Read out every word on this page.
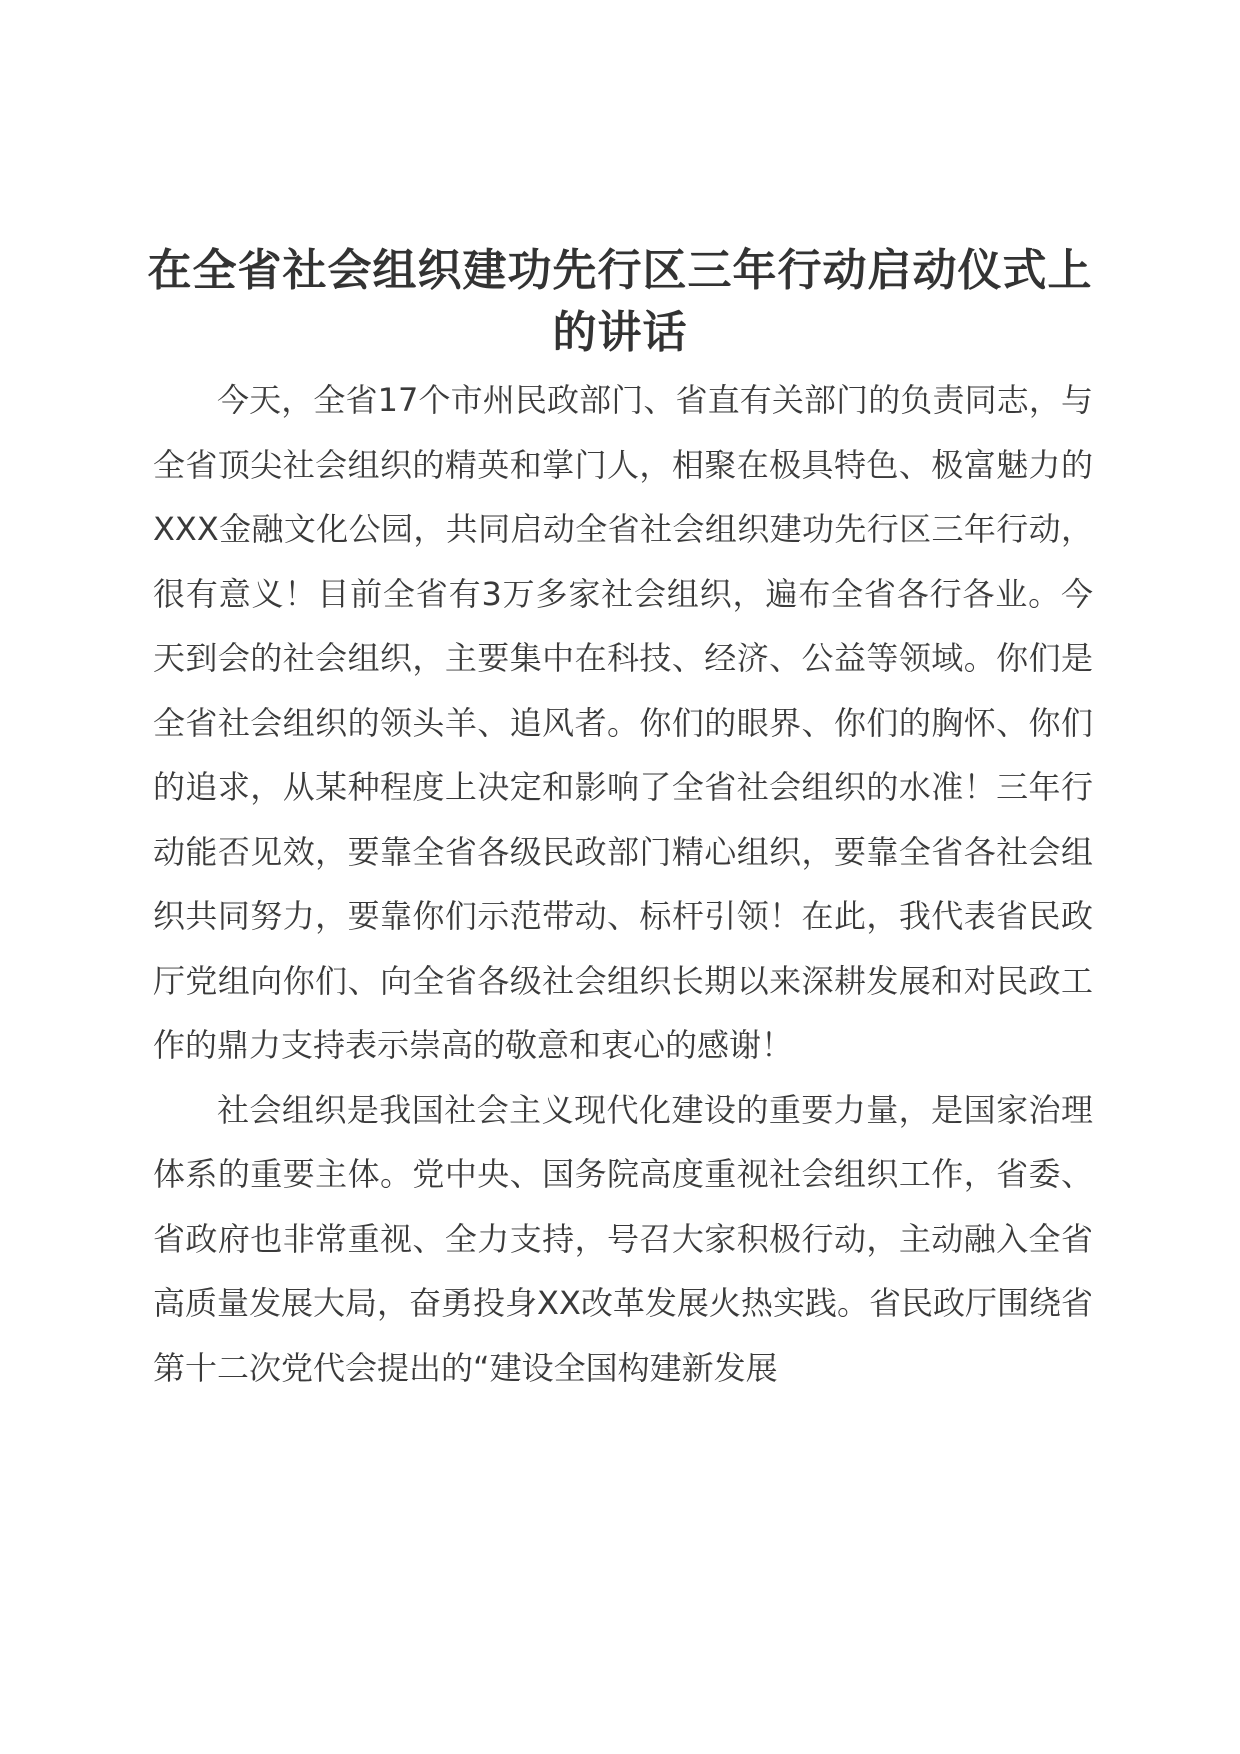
在全省社会组织建功先行区三年行动启动仪式上的讲话

今天，全省17个市州民政部门、省直有关部门的负责同志，与全省顶尖社会组织的精英和掌门人，相聚在极具特色、极富魅力的XXX金融文化公园，共同启动全省社会组织建功先行区三年行动，很有意义！目前全省有3万多家社会组织，遍布全省各行各业。今天到会的社会组织，主要集中在科技、经济、公益等领域。你们是全省社会组织的领头羊、追风者。你们的眼界、你们的胸怀、你们的追求，从某种程度上决定和影响了全省社会组织的水准！三年行动能否见效，要靠全省各级民政部门精心组织，要靠全省各社会组织共同努力，要靠你们示范带动、标杆引领！在此，我代表省民政厅党组向你们、向全省各级社会组织长期以来深耕发展和对民政工作的鼎力支持表示崇高的敬意和衷心的感谢！

社会组织是我国社会主义现代化建设的重要力量，是国家治理体系的重要主体。党中央、国务院高度重视社会组织工作，省委、省政府也非常重视、全力支持，号召大家积极行动，主动融入全省高质量发展大局，奋勇投身XX改革发展火热实践。省民政厅围绕省第十二次党代会提出的“建设全国构建新发展
